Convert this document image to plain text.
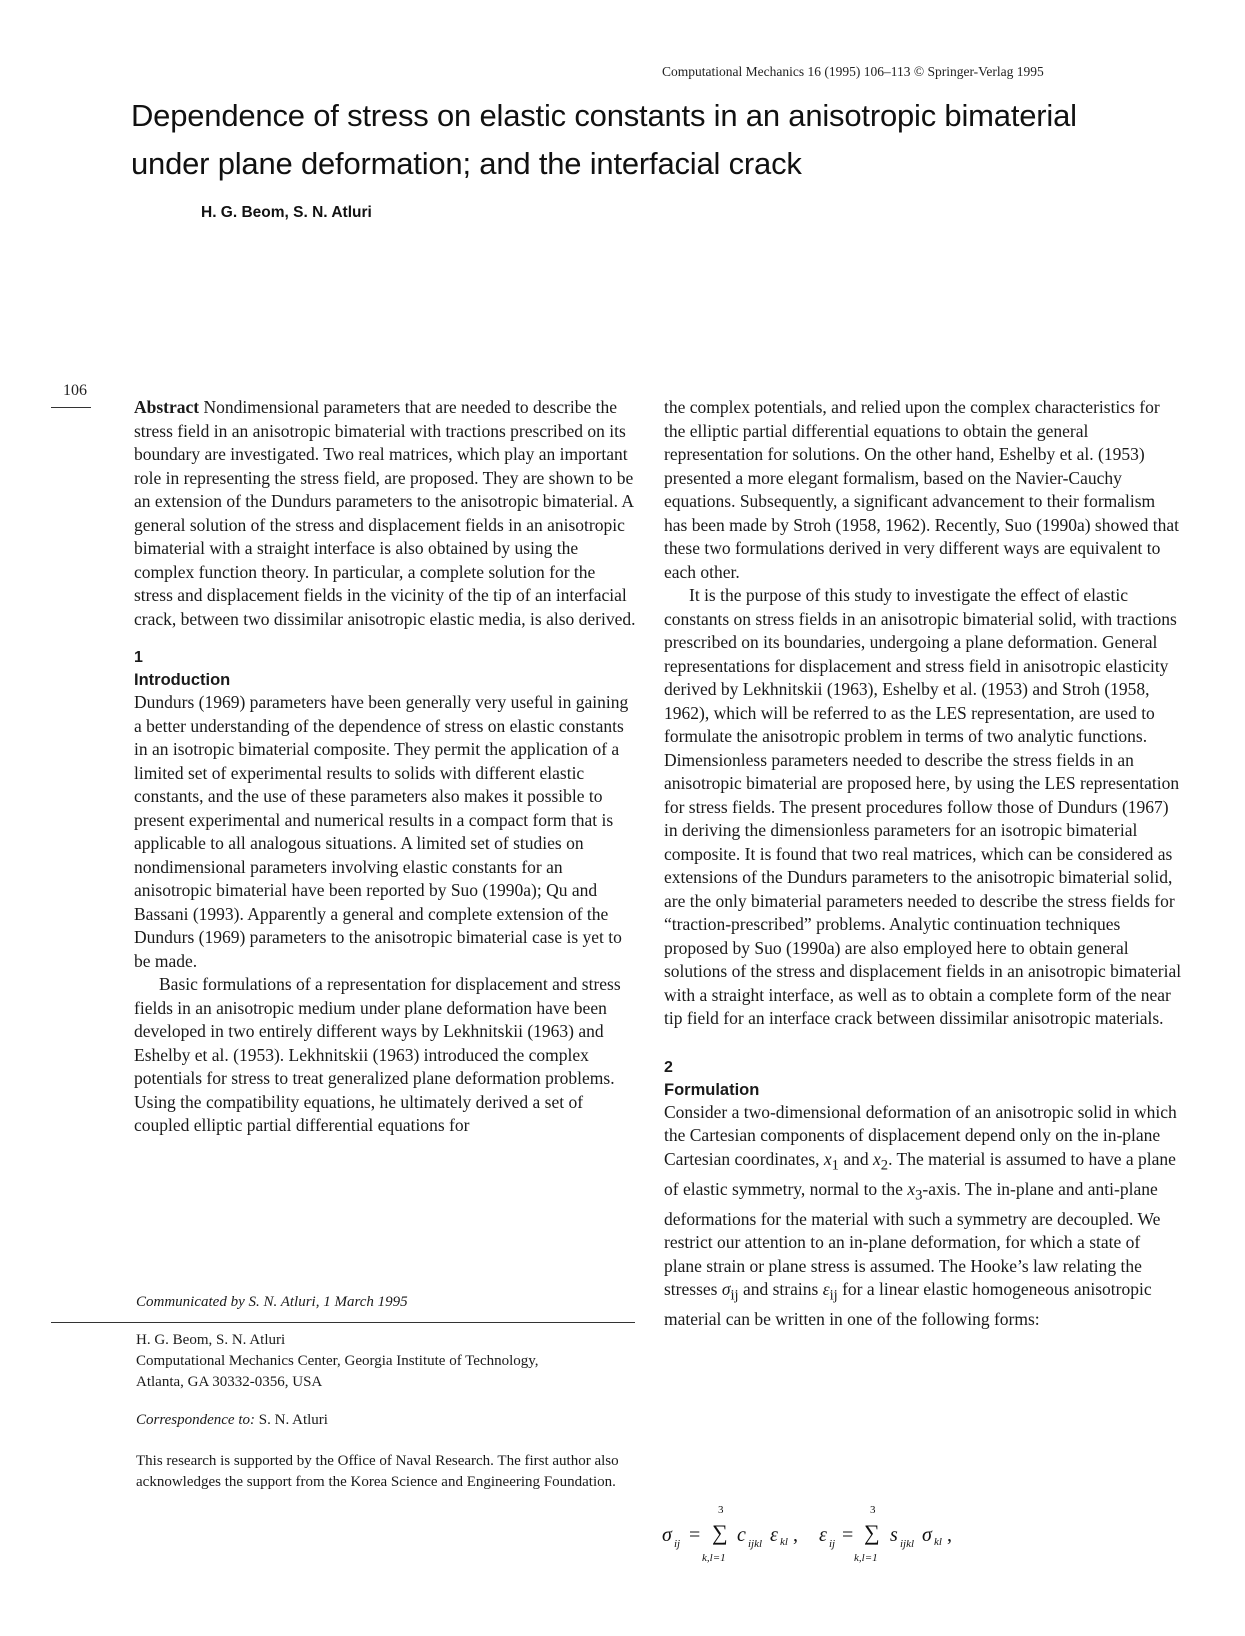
Computational Mechanics 16 (1995) 106–113 © Springer-Verlag 1995
Dependence of stress on elastic constants in an anisotropic bimaterial under plane deformation; and the interfacial crack
H. G. Beom, S. N. Atluri
106

Abstract Nondimensional parameters that are needed to describe the stress field in an anisotropic bimaterial with tractions prescribed on its boundary are investigated. Two real matrices, which play an important role in representing the stress field, are proposed. They are shown to be an extension of the Dundurs parameters to the anisotropic bimaterial. A general solution of the stress and displacement fields in an anisotropic bimaterial with a straight interface is also obtained by using the complex function theory. In particular, a complete solution for the stress and displacement fields in the vicinity of the tip of an interfacial crack, between two dissimilar anisotropic elastic media, is also derived.

1
Introduction

Dundurs (1969) parameters have been generally very useful in gaining a better understanding of the dependence of stress on elastic constants in an isotropic bimaterial composite. They permit the application of a limited set of experimental results to solids with different elastic constants, and the use of these parameters also makes it possible to present experimental and numerical results in a compact form that is applicable to all analogous situations. A limited set of studies on nondimensional parameters involving elastic constants for an anisotropic bimaterial have been reported by Suo (1990a); Qu and Bassani (1993). Apparently a general and complete extension of the Dundurs (1969) parameters to the anisotropic bimaterial case is yet to be made.

Basic formulations of a representation for displacement and stress fields in an anisotropic medium under plane deformation have been developed in two entirely different ways by Lekhnitskii (1963) and Eshelby et al. (1953). Lekhnitskii (1963) introduced the complex potentials for stress to treat generalized plane deformation problems. Using the compatibility equations, he ultimately derived a set of coupled elliptic partial differential equations for

Communicated by S. N. Atluri, 1 March 1995
H. G. Beom, S. N. Atluri
Computational Mechanics Center, Georgia Institute of Technology,
Atlanta, GA 30332-0356, USA
Correspondence to: S. N. Atluri
This research is supported by the Office of Naval Research. The first author also acknowledges the support from the Korea Science and Engineering Foundation.

the complex potentials, and relied upon the complex characteristics for the elliptic partial differential equations to obtain the general representation for solutions. On the other hand, Eshelby et al. (1953) presented a more elegant formalism, based on the Navier-Cauchy equations. Subsequently, a significant advancement to their formalism has been made by Stroh (1958, 1962). Recently, Suo (1990a) showed that these two formulations derived in very different ways are equivalent to each other.

It is the purpose of this study to investigate the effect of elastic constants on stress fields in an anisotropic bimaterial solid, with tractions prescribed on its boundaries, undergoing a plane deformation. General representations for displacement and stress field in anisotropic elasticity derived by Lekhnitskii (1963), Eshelby et al. (1953) and Stroh (1958, 1962), which will be referred to as the LES representation, are used to formulate the anisotropic problem in terms of two analytic functions. Dimensionless parameters needed to describe the stress fields in an anisotropic bimaterial are proposed here, by using the LES representation for stress fields. The present procedures follow those of Dundurs (1967) in deriving the dimensionless parameters for an isotropic bimaterial composite. It is found that two real matrices, which can be considered as extensions of the Dundurs parameters to the anisotropic bimaterial solid, are the only bimaterial parameters needed to describe the stress fields for “traction-prescribed” problems. Analytic continuation techniques proposed by Suo (1990a) are also employed here to obtain general solutions of the stress and displacement fields in an anisotropic bimaterial with a straight interface, as well as to obtain a complete form of the near tip field for an interface crack between dissimilar anisotropic materials.

2
Formulation

Consider a two-dimensional deformation of an anisotropic solid in which the Cartesian components of displacement depend only on the in-plane Cartesian coordinates, $x_1$ and $x_2$. The material is assumed to have a plane of elastic symmetry, normal to the $x_3$-axis. The in-plane and anti-plane deformations for the material with such a symmetry are decoupled. We restrict our attention to an in-plane deformation, for which a state of plane strain or plane stress is assumed. The Hooke’s law relating the stresses $\sigma_{ij}$ and strains $\varepsilon_{ij}$ for a linear elastic homogeneous anisotropic material can be written in one of the following forms:

σ ij =
3
∑
k,l=1
c ijkl ε kl , ε ij =
3
∑
k,l=1
s ijkl σ kl ,
